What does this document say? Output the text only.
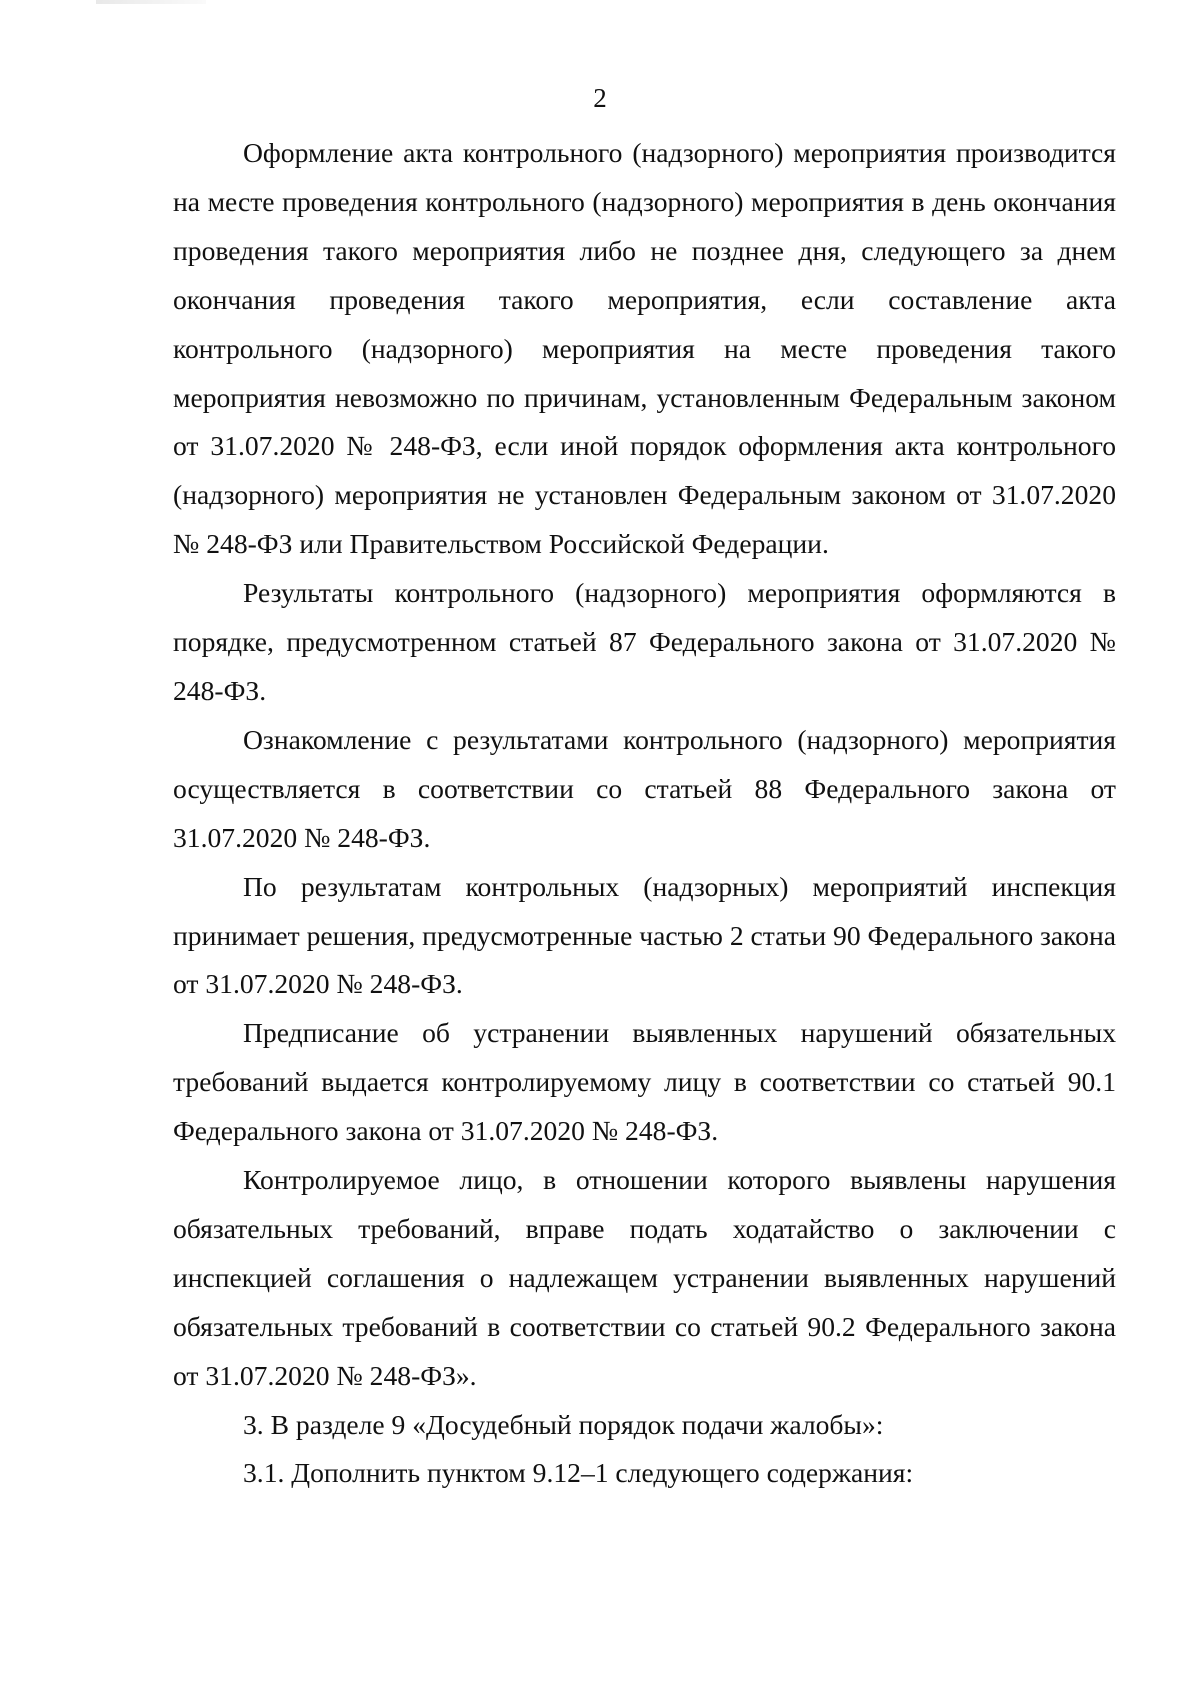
2

Оформление акта контрольного (надзорного) мероприятия производится на месте проведения контрольного (надзорного) мероприятия в день окончания проведения такого мероприятия либо не позднее дня, следующего за днем окончания проведения такого мероприятия, если составление акта контрольного (надзорного) мероприятия на месте проведения такого мероприятия невозможно по причинам, установленным Федеральным законом от 31.07.2020 № 248-ФЗ, если иной порядок оформления акта контрольного (надзорного) мероприятия не установлен Федеральным законом от 31.07.2020 № 248-ФЗ или Правительством Российской Федерации.

Результаты контрольного (надзорного) мероприятия оформляются в порядке, предусмотренном статьей 87 Федерального закона от 31.07.2020 № 248-ФЗ.

Ознакомление с результатами контрольного (надзорного) мероприятия осуществляется в соответствии со статьей 88 Федерального закона от 31.07.2020 № 248-ФЗ.

По результатам контрольных (надзорных) мероприятий инспекция принимает решения, предусмотренные частью 2 статьи 90 Федерального закона от 31.07.2020 № 248-ФЗ.

Предписание об устранении выявленных нарушений обязательных требований выдается контролируемому лицу в соответствии со статьей 90.1 Федерального закона от 31.07.2020 № 248-ФЗ.

Контролируемое лицо, в отношении которого выявлены нарушения обязательных требований, вправе подать ходатайство о заключении с инспекцией соглашения о надлежащем устранении выявленных нарушений обязательных требований в соответствии со статьей 90.2 Федерального закона от 31.07.2020 № 248-ФЗ».

3. В разделе 9 «Досудебный порядок подачи жалобы»:

3.1. Дополнить пунктом 9.12–1 следующего содержания:
